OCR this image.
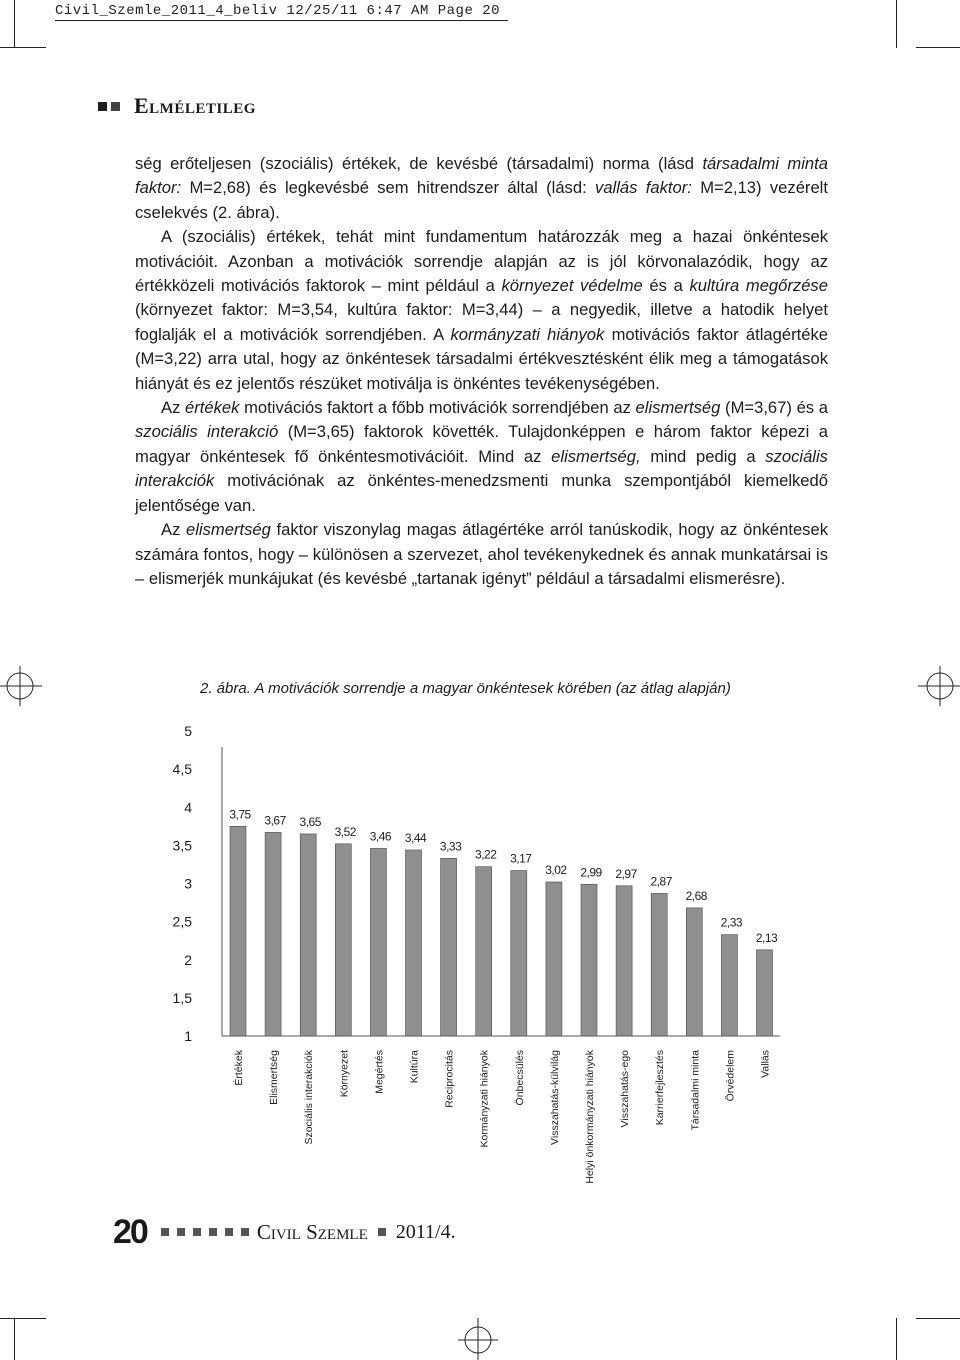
Civil_Szemle_2011_4_beliv 12/25/11 6:47 AM Page 20
Elméletileg

ség erőteljesen (szociális) értékek, de kevésbé (társadalmi) norma (lásd társadalmi minta faktor: M=2,68) és legkevésbé sem hitrendszer által (lásd: vallás faktor: M=2,13) vezérelt cselekvés (2. ábra).

A (szociális) értékek, tehát mint fundamentum határozzák meg a hazai önkéntesek motivációit. Azonban a motivációk sorrendje alapján az is jól körvonalazódik, hogy az értékközeli motivációs faktorok – mint például a környezet védelme és a kultúra megőrzése (környezet faktor: M=3,54, kultúra faktor: M=3,44) – a negyedik, illetve a hatodik helyet foglalják el a motivációk sorrendjében. A kormányzati hiányok motivációs faktor átlagértéke (M=3,22) arra utal, hogy az önkéntesek társadalmi értékvesztésként élik meg a támogatások hiányát és ez jelentős részüket motiválja is önkéntes tevékenységében.

Az értékek motivációs faktort a főbb motivációk sorrendjében az elismertség (M=3,67) és a szociális interakció (M=3,65) faktorok követték. Tulajdonképpen e három faktor képezi a magyar önkéntesek fő önkéntesmotivációit. Mind az elismertség, mind pedig a szociális interakciók motivációnak az önkéntes-menedzsmenti munka szempontjából kiemelkedő jelentősége van.

Az elismertség faktor viszonylag magas átlagértéke arról tanúskodik, hogy az önkéntesek számára fontos, hogy – különösen a szervezet, ahol tevékenykednek és annak munkatársai is – elismerjék munkájukat (és kevésbé „tartanak igényt” például a társadalmi elismerésre).

2. ábra. A motivációk sorrendje a magyar önkéntesek körében (az átlag alapján)
5
4,5
4
3,5
3
2,5
2
1,5
1
3,75
Értékek
3,67
Elismertség
3,65
Szociális interakciók
3,52
Környezet
3,46
Megértés
3,44
Kultúra
3,33
Reciprocitás
3,22
Kormányzati hiányok
3,17
Önbecsülés
3,02
Visszahatás-külvilág
2,99
Helyi önkormányzati hiányok
2,97
Visszahatás-ego
2,87
Karrierfejlesztés
2,68
Társadalmi minta
2,33
Örvédelem
2,13
Vallás
20	Civil Szemle 2011/4.
